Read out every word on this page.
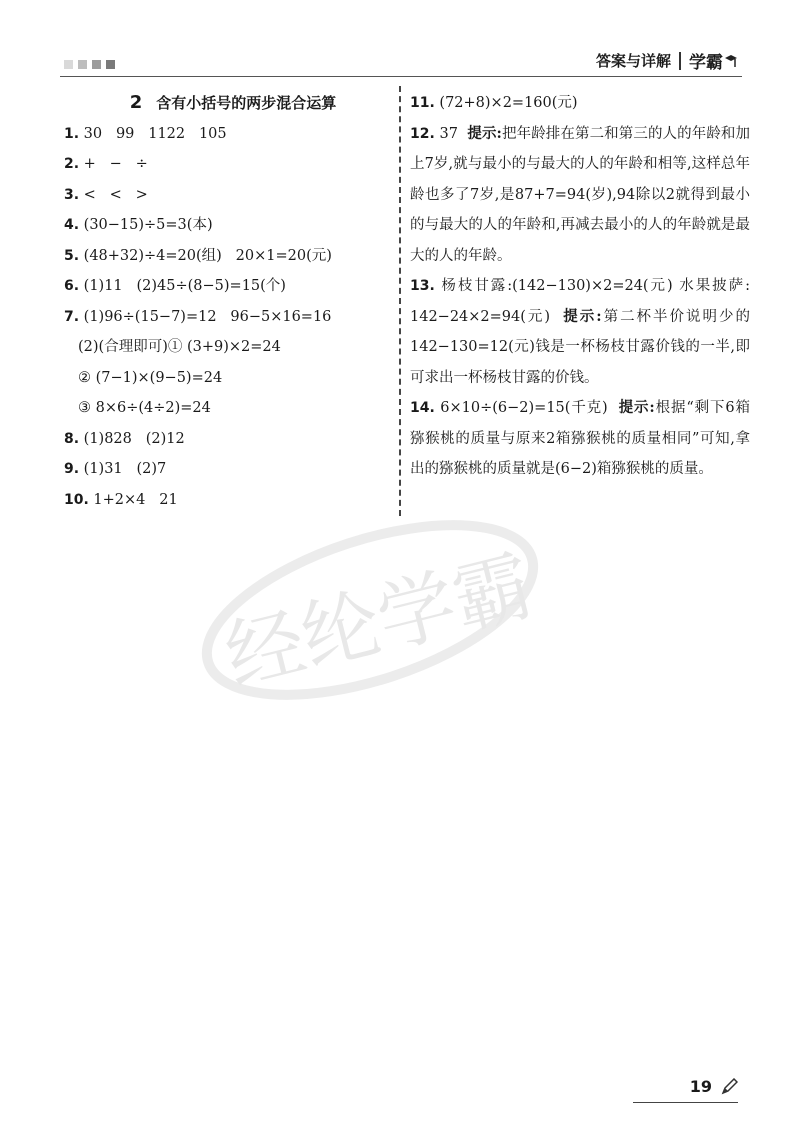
答案与详解 学霸
2 含有小括号的两步混合运算
1. 30   99   1122   105
2. +   −   ÷
3. <   <   >
4. (30−15)÷5=3(本)
5. (48+32)÷4=20(组)   20×1=20(元)
6. (1)11   (2)45÷(8−5)=15(个)
7. (1)96÷(15−7)=12   96−5×16=16
(2)(合理即可)① (3+9)×2=24
② (7−1)×(9−5)=24
③ 8×6÷(4÷2)=24
8. (1)828   (2)12
9. (1)31   (2)7
10. 1+2×4   21
11. (72+8)×2=160(元)
12. 37 提示:把年龄排在第二和第三的人的年龄和加上7岁,就与最小的与最大的人的年龄和相等,这样总年龄也多了7岁,是87+7=94(岁),94除以2就得到最小的与最大的人的年龄和,再减去最小的人的年龄就是最大的人的年龄。
13. 杨枝甘露:(142−130)×2=24(元) 水果披萨: 142−24×2=94(元) 提示:第二杯半价说明少的142−130=12(元)钱是一杯杨枝甘露价钱的一半,即可求出一杯杨枝甘露的价钱。
14. 6×10÷(6−2)=15(千克) 提示:根据“剩下6箱猕猴桃的质量与原来2箱猕猴桃的质量相同”可知,拿出的猕猴桃的质量就是(6−2)箱猕猴桃的质量。
经纶学霸
19
